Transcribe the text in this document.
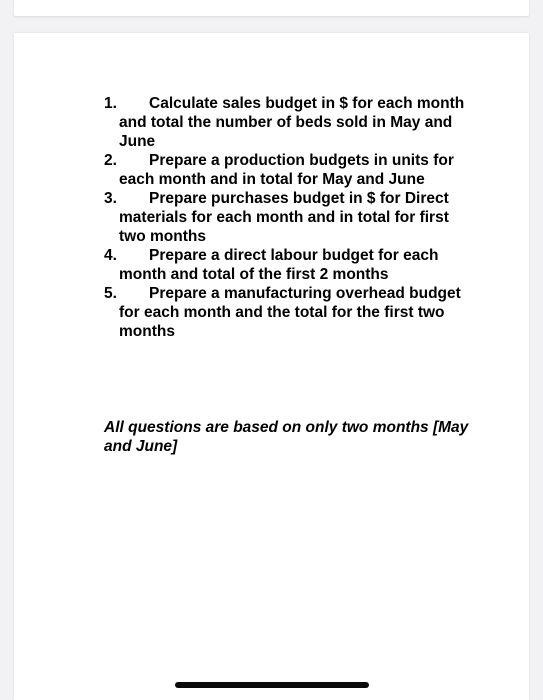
1.	Calculate sales budget in $ for each month and total the number of beds sold in May and June
2.	Prepare a production budgets in units for each month and in total for May and June
3.	Prepare purchases budget in $ for Direct materials for each month and in total for first two months
4.	Prepare a direct labour budget for each month and total of the first 2 months
5.	Prepare a manufacturing overhead budget for each month and the total for the first two months

All questions are based on only two months [May and June]
